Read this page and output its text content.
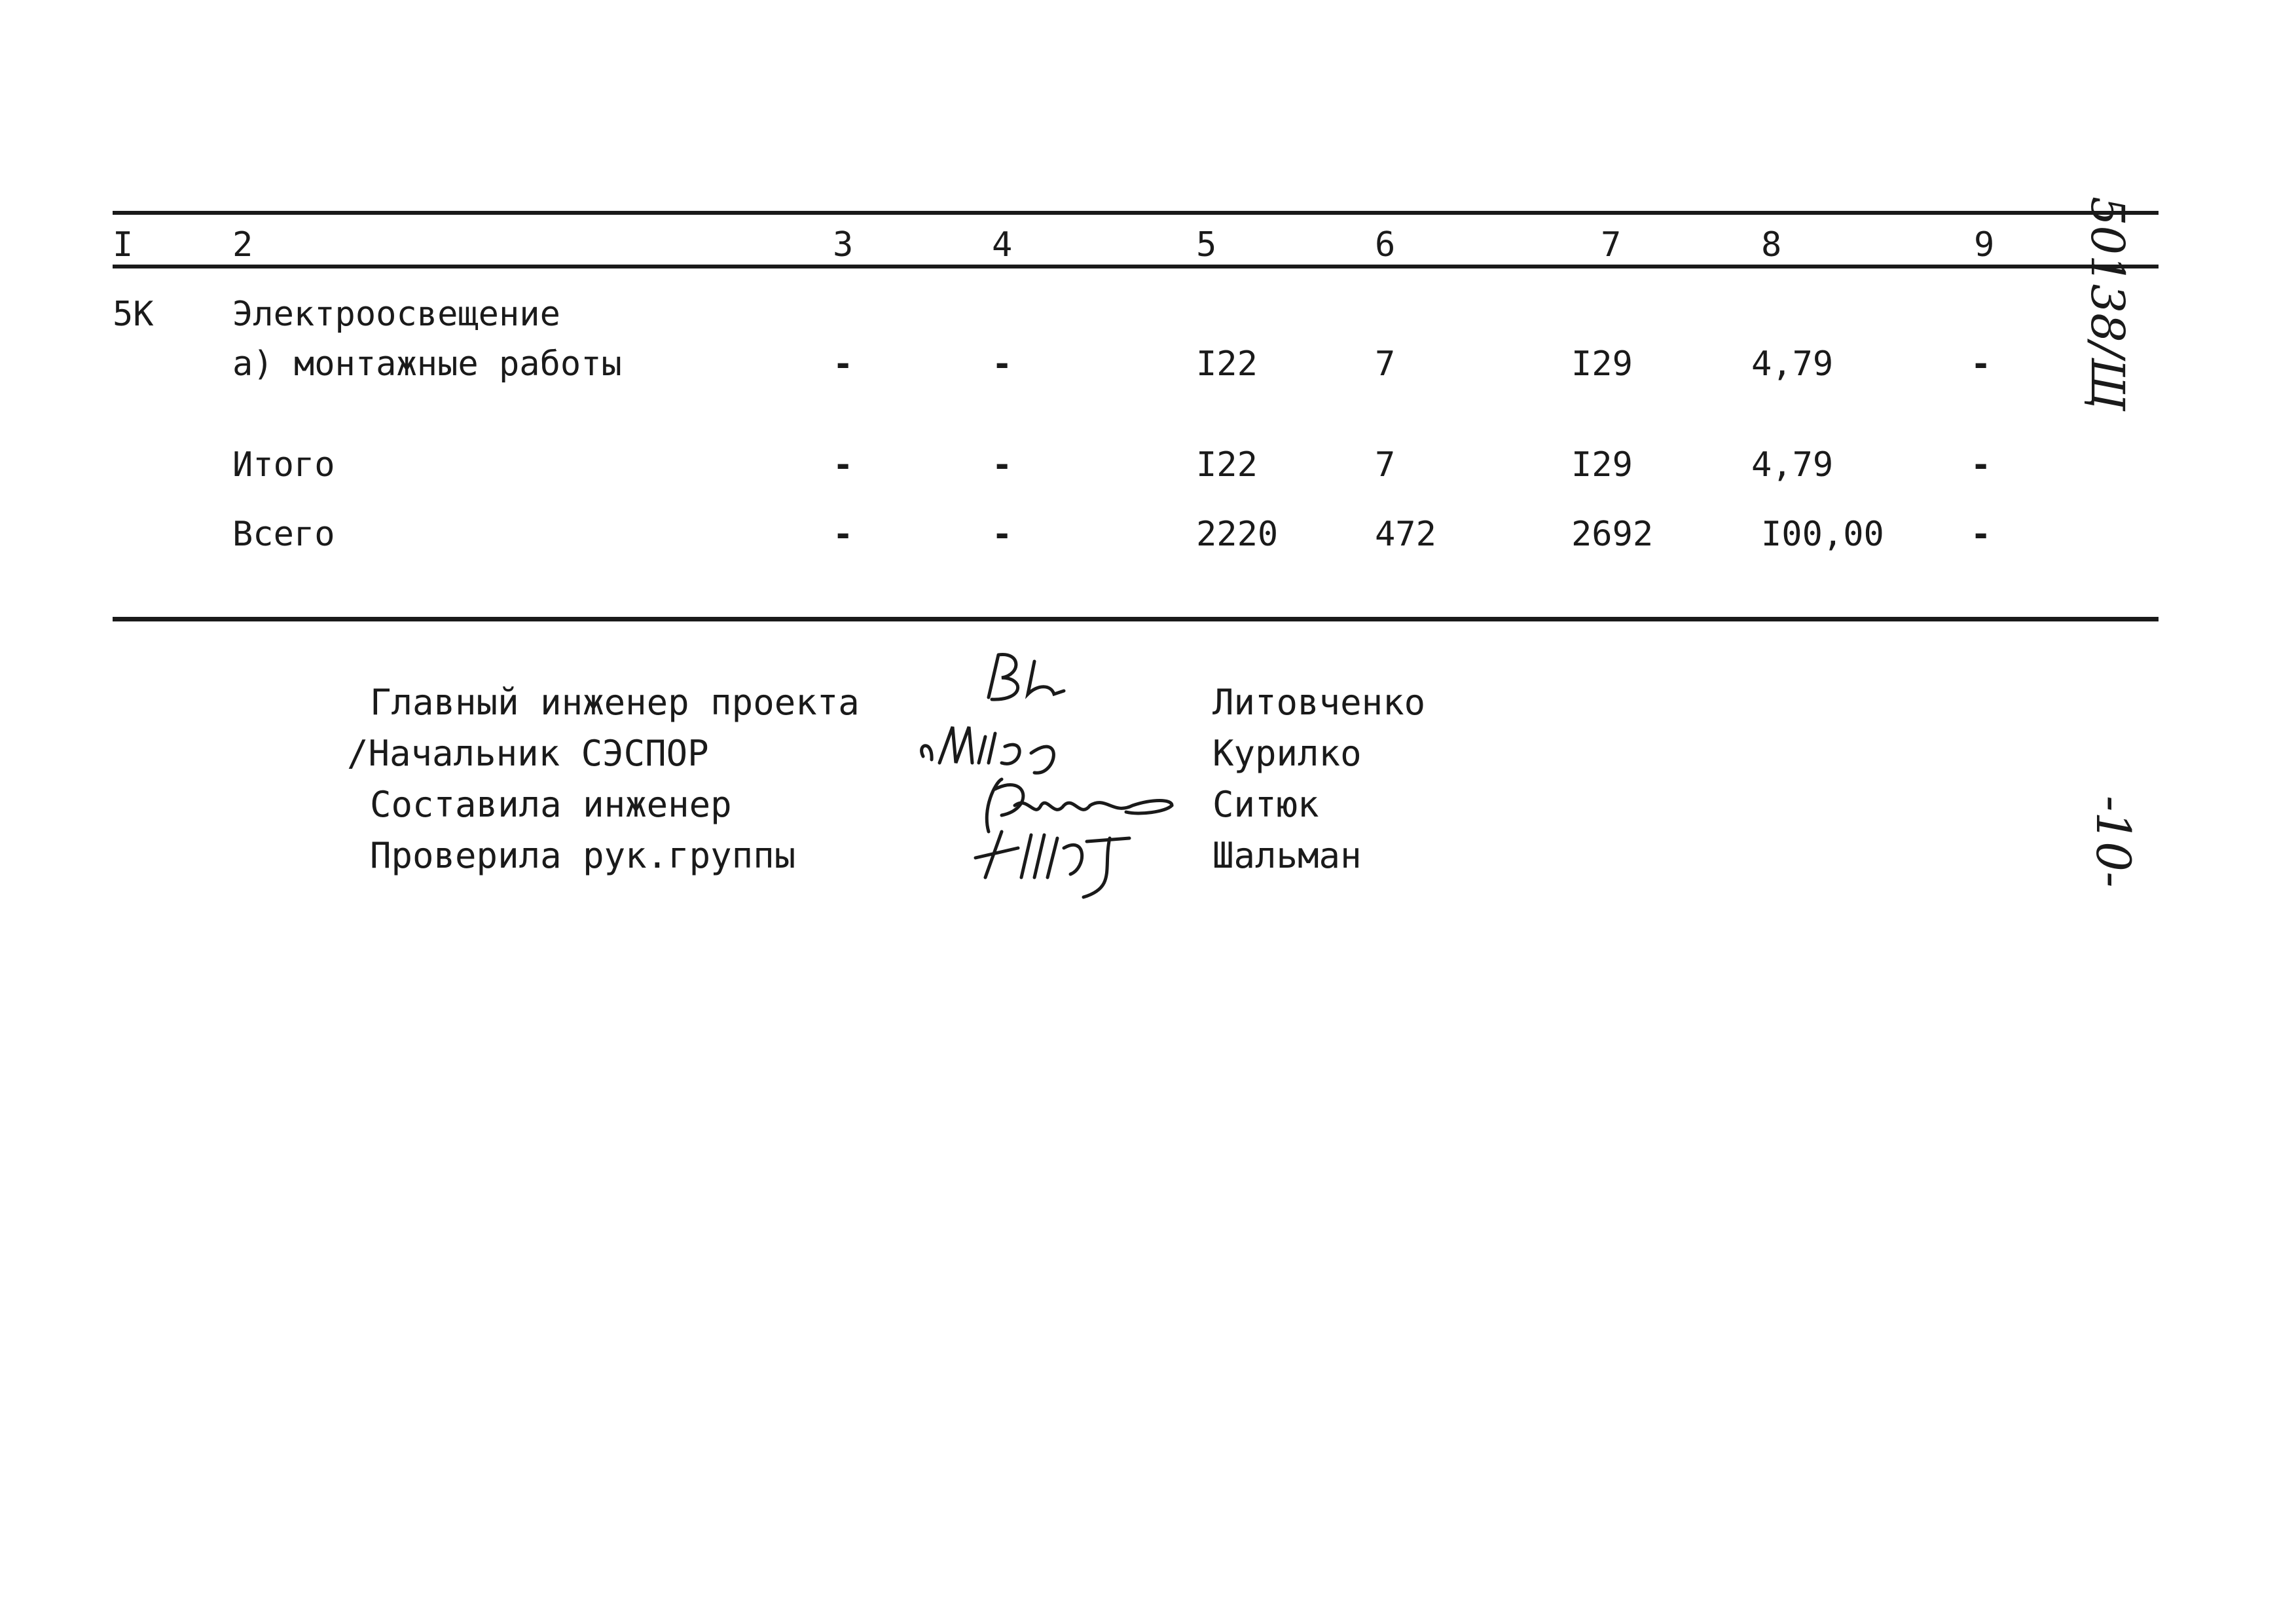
I	2	3	4	5	6	7	8	9
5K Электроосвещение
а) монтажные работы	-	-	I22	7	I29	4,79	-
Итого	-	-	I22	7	I29	4,79	-
Всего	-	-	2220	472	2692	I00,00	-
Главный инженер проекта
/Начальник СЭСПОР
Составила инженер
Проверила рук.группы
Литовченко
Курилко
Ситюк
Шальман
50138/Щ
-10-
